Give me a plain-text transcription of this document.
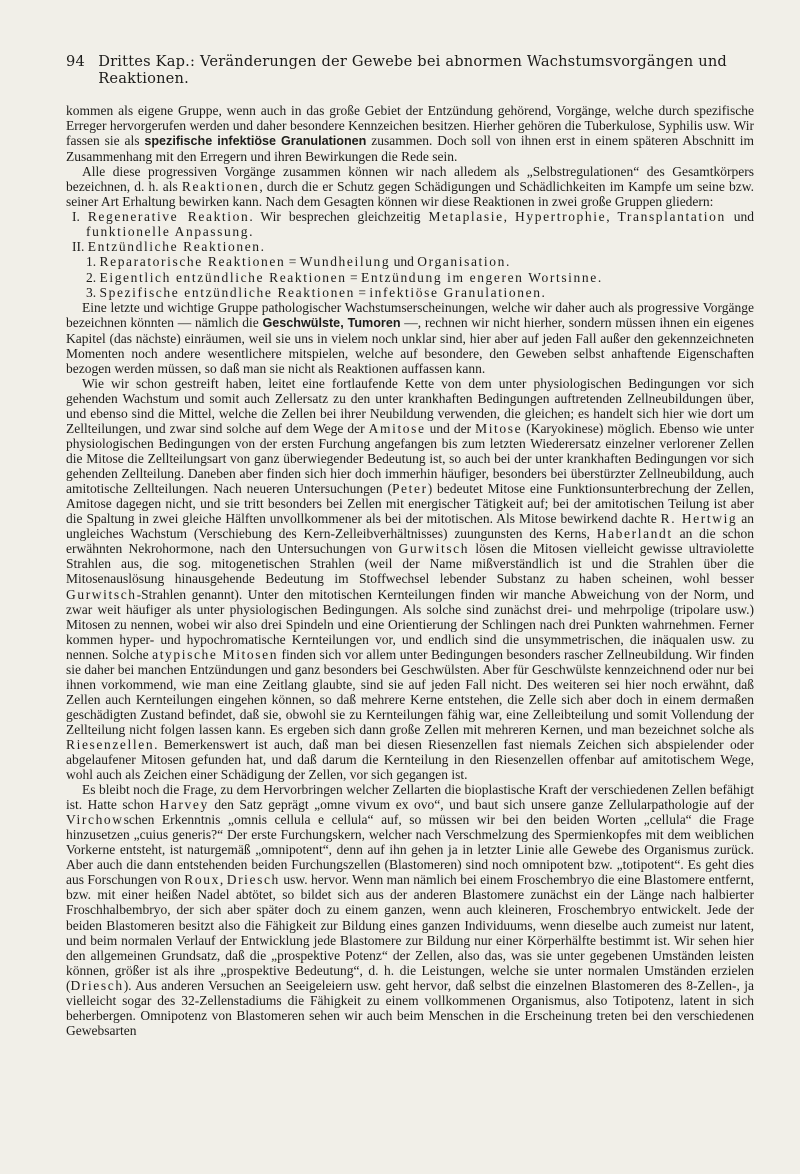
94 Drittes Kap.: Veränderungen der Gewebe bei abnormen Wachstumsvorgängen und Reaktionen.

kommen als eigene Gruppe, wenn auch in das große Gebiet der Entzündung gehörend, Vorgänge, welche durch spezifische Erreger hervorgerufen werden und daher besondere Kennzeichen besitzen. Hierher gehören die Tuberkulose, Syphilis usw. Wir fassen sie als spezifische infektiöse Granulationen zusammen. Doch soll von ihnen erst in einem späteren Abschnitt im Zusammenhang mit den Erregern und ihren Bewirkungen die Rede sein.

Alle diese progressiven Vorgänge zusammen können wir nach alledem als „Selbstregulationen“ des Gesamtkörpers bezeichnen, d. h. als Reaktionen, durch die er Schutz gegen Schädigungen und Schädlichkeiten im Kampfe um seine bzw. seiner Art Erhaltung bewirken kann. Nach dem Gesagten können wir diese Reaktionen in zwei große Gruppen gliedern:

I. Regenerative Reaktion. Wir besprechen gleichzeitig Metaplasie, Hypertrophie, Transplantation und funktionelle Anpassung.
II. Entzündliche Reaktionen.
1. Reparatorische Reaktionen = Wundheilung und Organisation.
2. Eigentlich entzündliche Reaktionen = Entzündung im engeren Wortsinne.
3. Spezifische entzündliche Reaktionen = infektiöse Granulationen.

Eine letzte und wichtige Gruppe pathologischer Wachstumserscheinungen, welche wir daher auch als progressive Vorgänge bezeichnen könnten — nämlich die Geschwülste, Tumoren —, rechnen wir nicht hierher, sondern müssen ihnen ein eigenes Kapitel (das nächste) einräumen, weil sie uns in vielem noch unklar sind, hier aber auf jeden Fall außer den gekennzeichneten Momenten noch andere wesentlichere mitspielen, welche auf besondere, den Geweben selbst anhaftende Eigenschaften bezogen werden müssen, so daß man sie nicht als Reaktionen auffassen kann.

Wie wir schon gestreift haben, leitet eine fortlaufende Kette von dem unter physiologischen Bedingungen vor sich gehenden Wachstum und somit auch Zellersatz zu den unter krankhaften Bedingungen auftretenden Zellneubildungen über, und ebenso sind die Mittel, welche die Zellen bei ihrer Neubildung verwenden, die gleichen; es handelt sich hier wie dort um Zellteilungen, und zwar sind solche auf dem Wege der Amitose und der Mitose (Karyokinese) möglich. Ebenso wie unter physiologischen Bedingungen von der ersten Furchung angefangen bis zum letzten Wiederersatz einzelner verlorener Zellen die Mitose die Zellteilungsart von ganz überwiegender Bedeutung ist, so auch bei der unter krankhaften Bedingungen vor sich gehenden Zellteilung. Daneben aber finden sich hier doch immerhin häufiger, besonders bei überstürzter Zellneubildung, auch amitotische Zellteilungen. Nach neueren Untersuchungen (Peter) bedeutet Mitose eine Funktionsunterbrechung der Zellen, Amitose dagegen nicht, und sie tritt besonders bei Zellen mit energischer Tätigkeit auf; bei der amitotischen Teilung ist aber die Spaltung in zwei gleiche Hälften unvollkommener als bei der mitotischen. Als Mitose bewirkend dachte R. Hertwig an ungleiches Wachstum (Verschiebung des Kern-Zelleibverhältnisses) zuungunsten des Kerns, Haberlandt an die schon erwähnten Nekrohormone, nach den Untersuchungen von Gurwitsch lösen die Mitosen vielleicht gewisse ultraviolette Strahlen aus, die sog. mitogenetischen Strahlen (weil der Name mißverständlich ist und die Strahlen über die Mitosenauslösung hinausgehende Bedeutung im Stoffwechsel lebender Substanz zu haben scheinen, wohl besser Gurwitsch-Strahlen genannt). Unter den mitotischen Kernteilungen finden wir manche Abweichung von der Norm, und zwar weit häufiger als unter physiologischen Bedingungen. Als solche sind zunächst drei- und mehrpolige (tripolare usw.) Mitosen zu nennen, wobei wir also drei Spindeln und eine Orientierung der Schlingen nach drei Punkten wahrnehmen. Ferner kommen hyper- und hypochromatische Kernteilungen vor, und endlich sind die unsymmetrischen, die inäqualen usw. zu nennen. Solche atypische Mitosen finden sich vor allem unter Bedingungen besonders rascher Zellneubildung. Wir finden sie daher bei manchen Entzündungen und ganz besonders bei Geschwülsten. Aber für Geschwülste kennzeichnend oder nur bei ihnen vorkommend, wie man eine Zeitlang glaubte, sind sie auf jeden Fall nicht. Des weiteren sei hier noch erwähnt, daß Zellen auch Kernteilungen eingehen können, so daß mehrere Kerne entstehen, die Zelle sich aber doch in einem dermaßen geschädigten Zustand befindet, daß sie, obwohl sie zu Kernteilungen fähig war, eine Zelleibteilung und somit Vollendung der Zellteilung nicht folgen lassen kann. Es ergeben sich dann große Zellen mit mehreren Kernen, und man bezeichnet solche als Riesenzellen. Bemerkenswert ist auch, daß man bei diesen Riesenzellen fast niemals Zeichen sich abspielender oder abgelaufener Mitosen gefunden hat, und daß darum die Kernteilung in den Riesenzellen offenbar auf amitotischem Wege, wohl auch als Zeichen einer Schädigung der Zellen, vor sich gegangen ist.

Es bleibt noch die Frage, zu dem Hervorbringen welcher Zellarten die bioplastische Kraft der verschiedenen Zellen befähigt ist. Hatte schon Harvey den Satz geprägt „omne vivum ex ovo“, und baut sich unsere ganze Zellularpathologie auf der Virchowschen Erkenntnis „omnis cellula e cellula“ auf, so müssen wir bei den beiden Worten „cellula“ die Frage hinzusetzen „cuius generis?“ Der erste Furchungskern, welcher nach Verschmelzung des Spermienkopfes mit dem weiblichen Vorkerne entsteht, ist naturgemäß „omnipotent“, denn auf ihn gehen ja in letzter Linie alle Gewebe des Organismus zurück. Aber auch die dann entstehenden beiden Furchungszellen (Blastomeren) sind noch omnipotent bzw. „totipotent“. Es geht dies aus Forschungen von Roux, Driesch usw. hervor. Wenn man nämlich bei einem Froschembryo die eine Blastomere entfernt, bzw. mit einer heißen Nadel abtötet, so bildet sich aus der anderen Blastomere zunächst ein der Länge nach halbierter Froschhalbembryo, der sich aber später doch zu einem ganzen, wenn auch kleineren, Froschembryo entwickelt. Jede der beiden Blastomeren besitzt also die Fähigkeit zur Bildung eines ganzen Individuums, wenn dieselbe auch zumeist nur latent, und beim normalen Verlauf der Entwicklung jede Blastomere zur Bildung nur einer Körperhälfte bestimmt ist. Wir sehen hier den allgemeinen Grundsatz, daß die „prospektive Potenz“ der Zellen, also das, was sie unter gegebenen Umständen leisten können, größer ist als ihre „prospektive Bedeutung“, d. h. die Leistungen, welche sie unter normalen Umständen erzielen (Driesch). Aus anderen Versuchen an Seeigeleiern usw. geht hervor, daß selbst die einzelnen Blastomeren des 8-Zellen-, ja vielleicht sogar des 32-Zellenstadiums die Fähigkeit zu einem vollkommenen Organismus, also Totipotenz, latent in sich beherbergen. Omnipotenz von Blastomeren sehen wir auch beim Menschen in die Erscheinung treten bei den verschiedenen Gewebsarten
